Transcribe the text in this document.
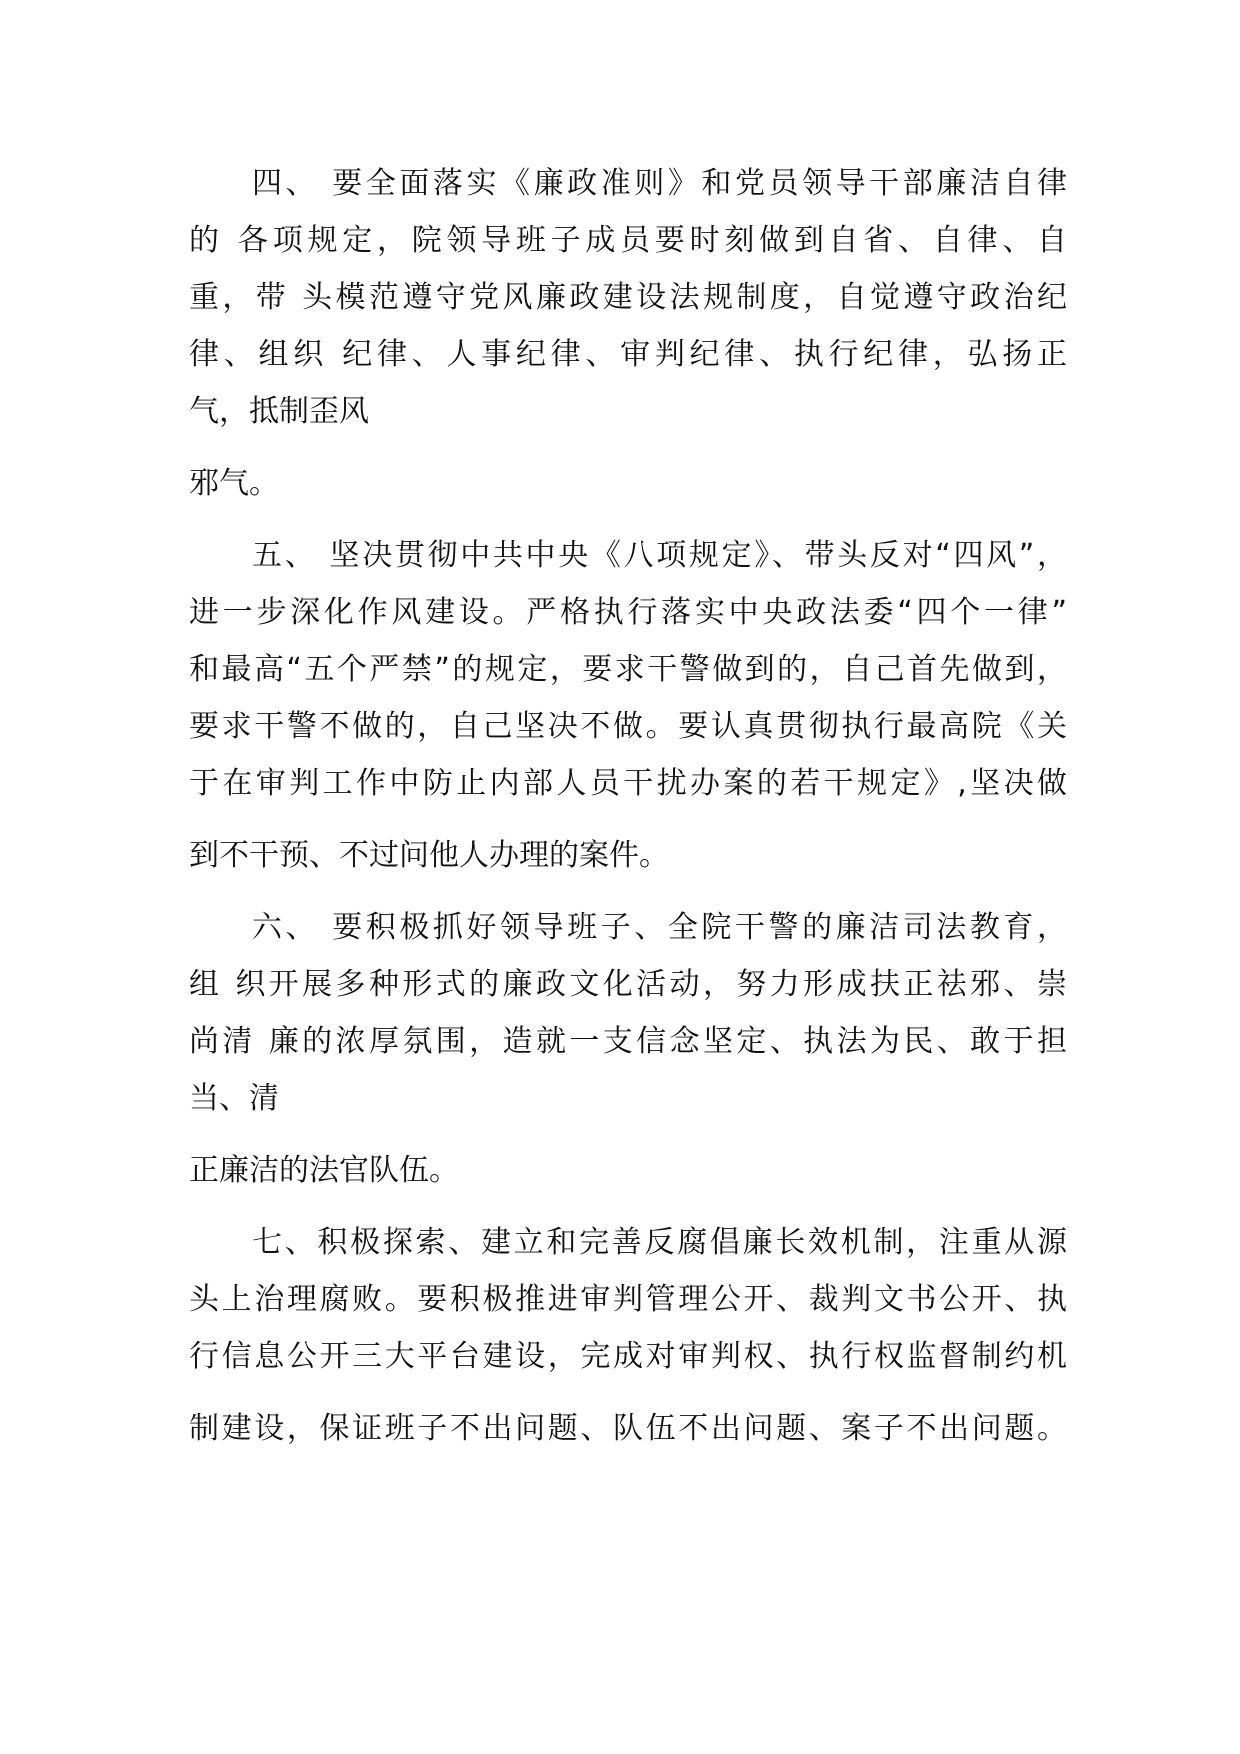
四、 要全面落实《廉政准则》和党员领导干部廉洁自律

的 各项规定，院领导班子成员要时刻做到自省、自律、自

重，带 头模范遵守党风廉政建设法规制度，自觉遵守政治纪

律、组织 纪律、人事纪律、审判纪律、执行纪律，弘扬正

气，抵制歪风

邪气。

五、 坚决贯彻中共中央《八项规定》、带头反对“四风”，

进一步深化作风建设。严格执行落实中央政法委“四个一律”

和最高“五个严禁”的规定，要求干警做到的，自己首先做到，

要求干警不做的，自己坚决不做。要认真贯彻执行最高院《关

于在审判工作中防止内部人员干扰办案的若干规定》,坚决做

到不干预、不过问他人办理的案件。

六、 要积极抓好领导班子、全院干警的廉洁司法教育，

组 织开展多种形式的廉政文化活动，努力形成扶正祛邪、崇

尚清 廉的浓厚氛围，造就一支信念坚定、执法为民、敢于担

当、清

正廉洁的法官队伍。

七、积极探索、建立和完善反腐倡廉长效机制，注重从源

头上治理腐败。要积极推进审判管理公开、裁判文书公开、执

行信息公开三大平台建设，完成对审判权、执行权监督制约机

制建设，保证班子不出问题、队伍不出问题、案子不出问题。
